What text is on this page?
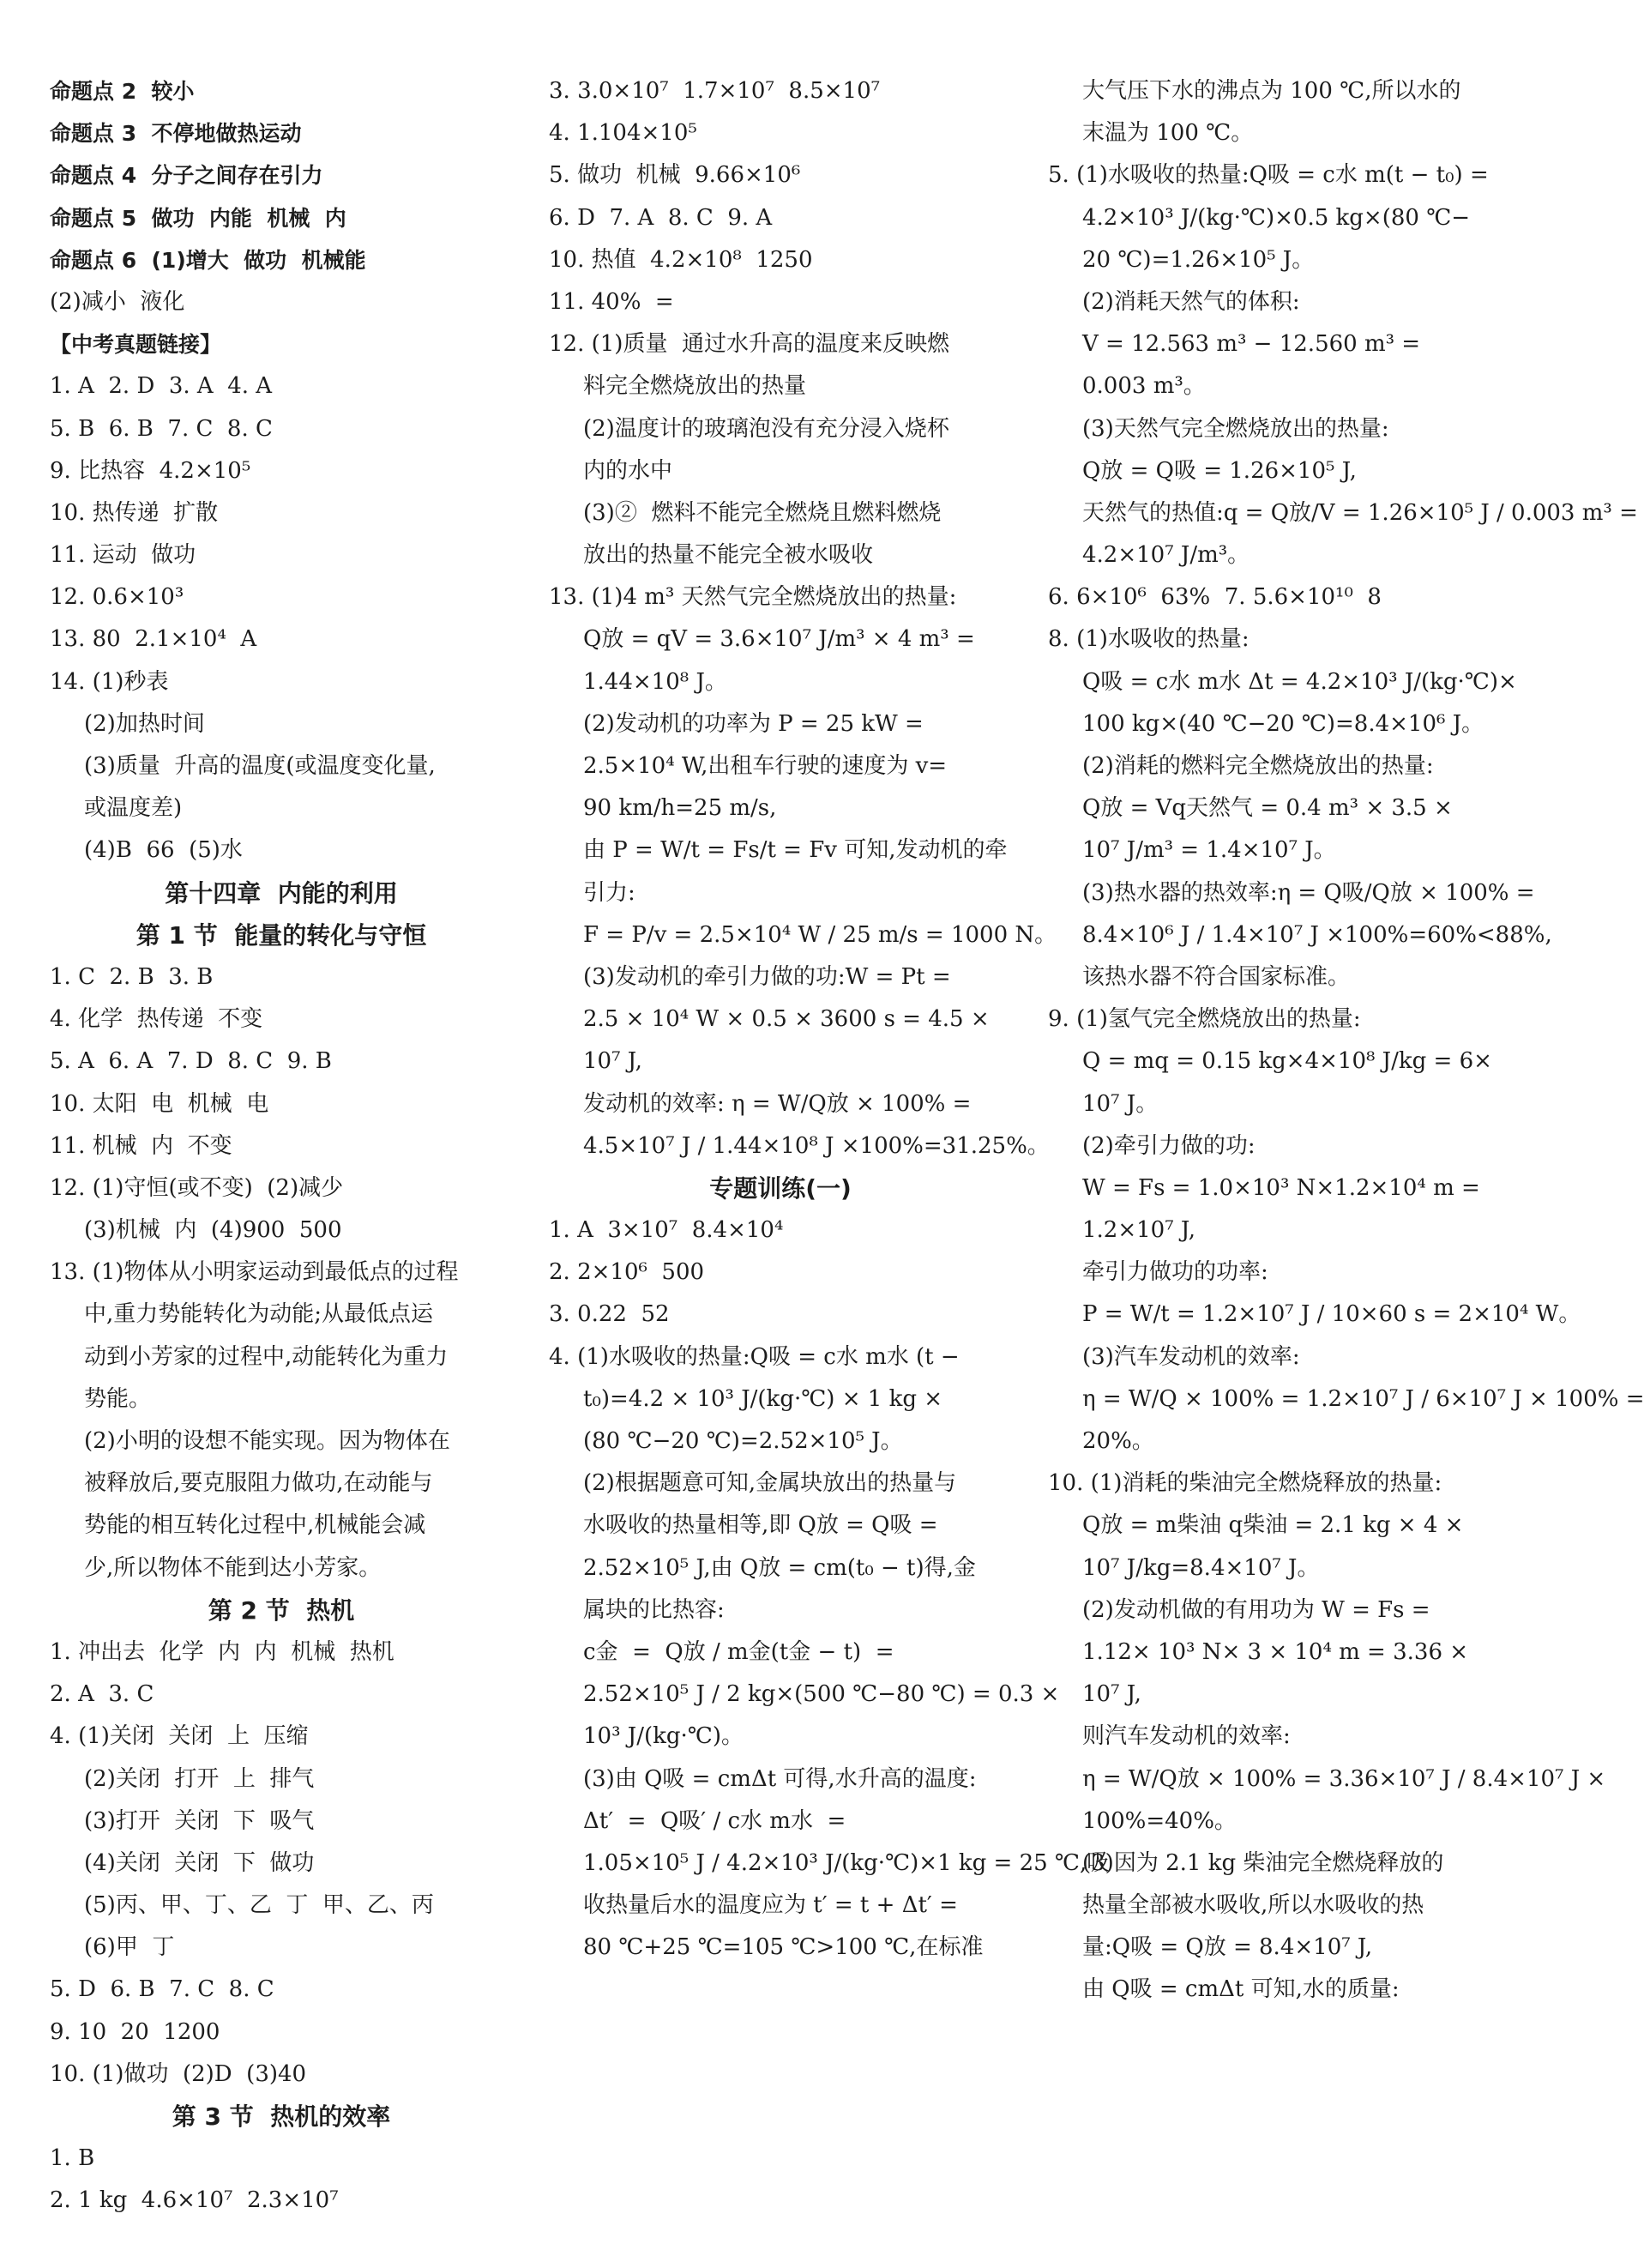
命题点 2  较小
命题点 3  不停地做热运动
命题点 4  分子之间存在引力
命题点 5  做功  内能  机械  内
命题点 6  (1)增大  做功  机械能
(2)减小  液化
【中考真题链接】
1. A  2. D  3. A  4. A
5. B  6. B  7. C  8. C
9. 比热容  4.2×10⁵
10. 热传递  扩散
11. 运动  做功
12. 0.6×10³
13. 80  2.1×10⁴  A
14. (1)秒表
(2)加热时间
(3)质量  升高的温度(或温度变化量,
或温度差)
(4)B  66  (5)水
第十四章  内能的利用
第 1 节  能量的转化与守恒
1. C  2. B  3. B
4. 化学  热传递  不变
5. A  6. A  7. D  8. C  9. B
10. 太阳  电  机械  电
11. 机械  内  不变
12. (1)守恒(或不变)  (2)减少
(3)机械  内  (4)900  500
13. (1)物体从小明家运动到最低点的过程
中,重力势能转化为动能;从最低点运
动到小芳家的过程中,动能转化为重力
势能。
(2)小明的设想不能实现。因为物体在
被释放后,要克服阻力做功,在动能与
势能的相互转化过程中,机械能会减
少,所以物体不能到达小芳家。
第 2 节  热机
1. 冲出去  化学  内  内  机械  热机
2. A  3. C
4. (1)关闭  关闭  上  压缩
(2)关闭  打开  上  排气
(3)打开  关闭  下  吸气
(4)关闭  关闭  下  做功
(5)丙、甲、丁、乙  丁  甲、乙、丙
(6)甲  丁
5. D  6. B  7. C  8. C
9. 10  20  1200
10. (1)做功  (2)D  (3)40
第 3 节  热机的效率
1. B
2. 1 kg  4.6×10⁷  2.3×10⁷
3. 3.0×10⁷  1.7×10⁷  8.5×10⁷
4. 1.104×10⁵
5. 做功  机械  9.66×10⁶
6. D  7. A  8. C  9. A
10. 热值  4.2×10⁸  1250
11. 40%  =
12. (1)质量  通过水升高的温度来反映燃
料完全燃烧放出的热量
(2)温度计的玻璃泡没有充分浸入烧杯
内的水中
(3)②  燃料不能完全燃烧且燃料燃烧
放出的热量不能完全被水吸收
13. (1)4 m³ 天然气完全燃烧放出的热量:
Q放 = qV = 3.6×10⁷ J/m³ × 4 m³ =
1.44×10⁸ J。
(2)发动机的功率为 P = 25 kW =
2.5×10⁴ W,出租车行驶的速度为 v=
90 km/h=25 m/s,
由 P = W/t = Fs/t = Fv 可知,发动机的牵
引力:
F = P/v = 2.5×10⁴ W / 25 m/s = 1000 N。
(3)发动机的牵引力做的功:W = Pt =
2.5 × 10⁴ W × 0.5 × 3600 s = 4.5 ×
10⁷ J,
发动机的效率: η = W/Q放 × 100% =
4.5×10⁷ J / 1.44×10⁸ J ×100%=31.25%。
专题训练(一)
1. A  3×10⁷  8.4×10⁴
2. 2×10⁶  500
3. 0.22  52
4. (1)水吸收的热量:Q吸 = c水 m水 (t −
t₀)=4.2 × 10³ J/(kg·℃) × 1 kg ×
(80 ℃−20 ℃)=2.52×10⁵ J。
(2)根据题意可知,金属块放出的热量与
水吸收的热量相等,即 Q放 = Q吸 =
2.52×10⁵ J,由 Q放 = cm(t₀ − t)得,金
属块的比热容:
c金  =  Q放 / m金(t金 − t)  =
2.52×10⁵ J / 2 kg×(500 ℃−80 ℃) = 0.3 ×
10³ J/(kg·℃)。
(3)由 Q吸 = cmΔt 可得,水升高的温度:
Δt′  =  Q吸′ / c水 m水  =
1.05×10⁵ J / 4.2×10³ J/(kg·℃)×1 kg = 25 ℃,吸
收热量后水的温度应为 t′ = t + Δt′ =
80 ℃+25 ℃=105 ℃>100 ℃,在标准
大气压下水的沸点为 100 ℃,所以水的
末温为 100 ℃。
5. (1)水吸收的热量:Q吸 = c水 m(t − t₀) =
4.2×10³ J/(kg·℃)×0.5 kg×(80 ℃−
20 ℃)=1.26×10⁵ J。
(2)消耗天然气的体积:
V = 12.563 m³ − 12.560 m³ =
0.003 m³。
(3)天然气完全燃烧放出的热量:
Q放 = Q吸 = 1.26×10⁵ J,
天然气的热值:q = Q放/V = 1.26×10⁵ J / 0.003 m³ =
4.2×10⁷ J/m³。
6. 6×10⁶  63%  7. 5.6×10¹⁰  8
8. (1)水吸收的热量:
Q吸 = c水 m水 Δt = 4.2×10³ J/(kg·℃)×
100 kg×(40 ℃−20 ℃)=8.4×10⁶ J。
(2)消耗的燃料完全燃烧放出的热量:
Q放 = Vq天然气 = 0.4 m³ × 3.5 ×
10⁷ J/m³ = 1.4×10⁷ J。
(3)热水器的热效率:η = Q吸/Q放 × 100% =
8.4×10⁶ J / 1.4×10⁷ J ×100%=60%<88%,
该热水器不符合国家标准。
9. (1)氢气完全燃烧放出的热量:
Q = mq = 0.15 kg×4×10⁸ J/kg = 6×
10⁷ J。
(2)牵引力做的功:
W = Fs = 1.0×10³ N×1.2×10⁴ m =
1.2×10⁷ J,
牵引力做功的功率:
P = W/t = 1.2×10⁷ J / 10×60 s = 2×10⁴ W。
(3)汽车发动机的效率:
η = W/Q × 100% = 1.2×10⁷ J / 6×10⁷ J × 100% =
20%。
10. (1)消耗的柴油完全燃烧释放的热量:
Q放 = m柴油 q柴油 = 2.1 kg × 4 ×
10⁷ J/kg=8.4×10⁷ J。
(2)发动机做的有用功为 W = Fs =
1.12× 10³ N× 3 × 10⁴ m = 3.36 ×
10⁷ J,
则汽车发动机的效率:
η = W/Q放 × 100% = 3.36×10⁷ J / 8.4×10⁷ J ×
100%=40%。
(3)因为 2.1 kg 柴油完全燃烧释放的
热量全部被水吸收,所以水吸收的热
量:Q吸 = Q放 = 8.4×10⁷ J,
由 Q吸 = cmΔt 可知,水的质量:
